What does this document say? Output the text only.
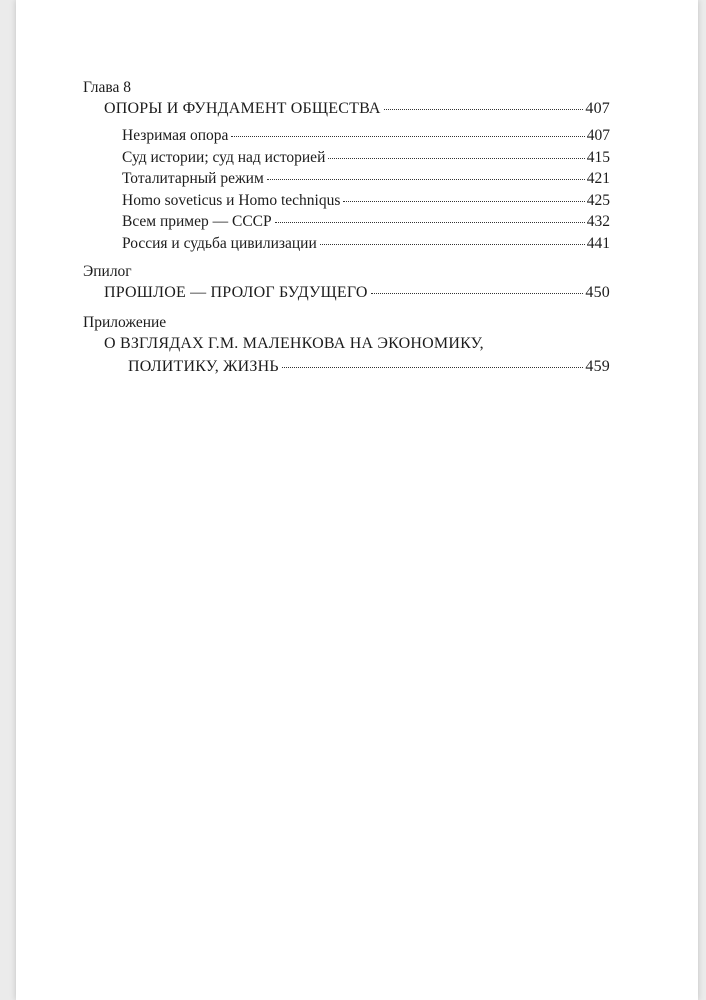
Глава 8
ОПОРЫ И ФУНДАМЕНТ ОБЩЕСТВА	407
Незримая опора	407
Суд истории; суд над историей	415
Тоталитарный режим	421
Homo soveticus и Homo technіqus	425
Всем пример — СССР	432
Россия и судьба цивилизации	441
Эпилог
ПРОШЛОЕ — ПРОЛОГ БУДУЩЕГО	450
Приложение
О ВЗГЛЯДАХ Г.М. МАЛЕНКОВА НА ЭКОНОМИКУ,
ПОЛИТИКУ, ЖИЗНЬ	459
